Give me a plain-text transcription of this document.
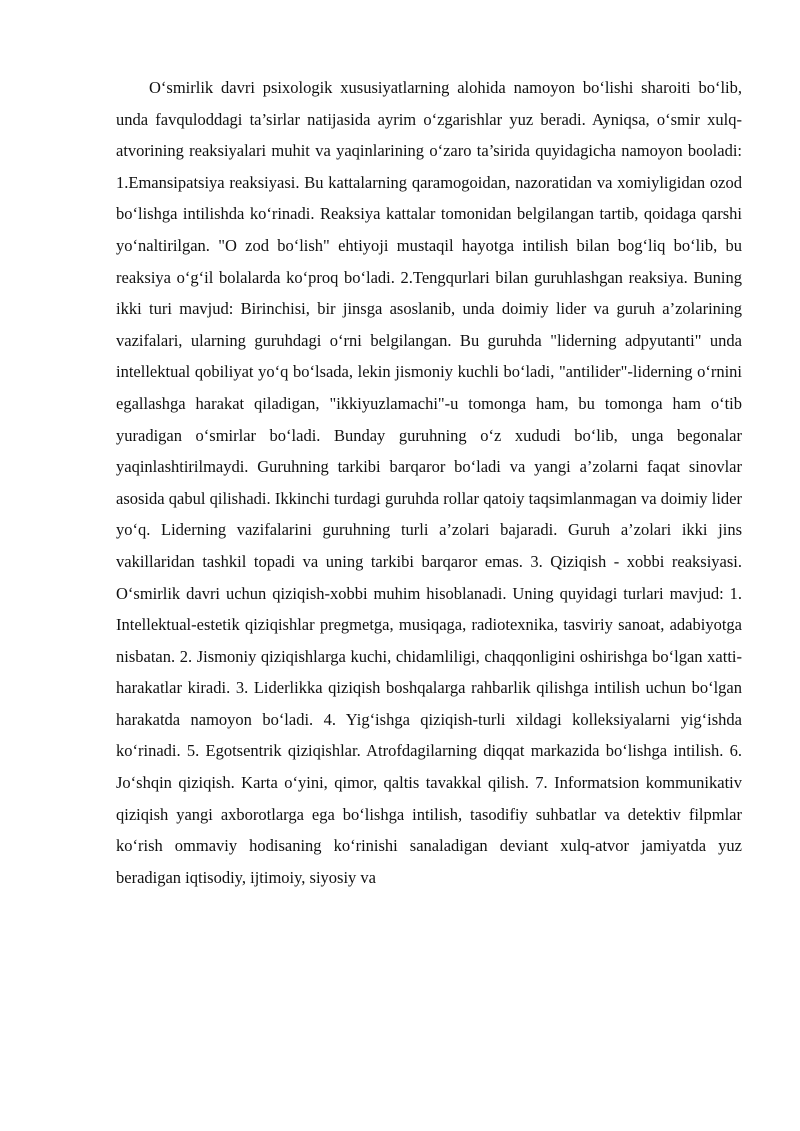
O‘smirlik davri psixologik xususiyatlarning alohida namoyon bo‘lishi sharoiti bo‘lib, unda favquloddagi ta’sirlar natijasida ayrim o‘zgarishlar yuz beradi. Ayniqsa, o‘smir xulq-atvorining reaksiyalari muhit va yaqinlarining o‘zaro ta’sirida quyidagicha namoyon booladi: 1.Emansipatsiya reaksiyasi. Bu kattalarning qaramogoidan, nazoratidan va xomiyligidan ozod bo‘lishga intilishda ko‘rinadi. Reaksiya kattalar tomonidan belgilangan tartib, qoidaga qarshi yo‘naltirilgan. "O zod bo‘lish" ehtiyoji mustaqil hayotga intilish bilan bog‘liq bo‘lib, bu reaksiya o‘g‘il bolalarda ko‘proq bo‘ladi. 2.Tengqurlari bilan guruhlashgan reaksiya. Buning ikki turi mavjud: Birinchisi, bir jinsga asoslanib, unda doimiy lider va guruh a’zolarining vazifalari, ularning guruhdagi o‘rni belgilangan. Bu guruhda "liderning adpyutanti" unda intellektual qobiliyat yo‘q bo‘lsada, lekin jismoniy kuchli bo‘ladi, "antilider"-liderning o‘rnini egallashga harakat qiladigan, "ikkiyuzlamachi"-u tomonga ham, bu tomonga ham o‘tib yuradigan o‘smirlar bo‘ladi. Bunday guruhning o‘z xududi bo‘lib, unga begonalar yaqinlashtirilmaydi. Guruhning tarkibi barqaror bo‘ladi va yangi a’zolarni faqat sinovlar asosida qabul qilishadi. Ikkinchi turdagi guruhda rollar qatoiy taqsimlanmagan va doimiy lider yo‘q. Liderning vazifalarini guruhning turli a’zolari bajaradi. Guruh a’zolari ikki jins vakillaridan tashkil topadi va uning tarkibi barqaror emas. 3. Qiziqish - xobbi reaksiyasi. O‘smirlik davri uchun qiziqish-xobbi muhim hisoblanadi. Uning quyidagi turlari mavjud: 1. Intellektual-estetik qiziqishlar pregmetga, musiqaga, radiotexnika, tasviriy sanoat, adabiyotga nisbatan. 2. Jismoniy qiziqishlarga kuchi, chidamliligi, chaqqonligini oshirishga bo‘lgan xatti-harakatlar kiradi. 3. Liderlikka qiziqish boshqalarga rahbarlik qilishga intilish uchun bo‘lgan harakatda namoyon bo‘ladi. 4. Yig‘ishga qiziqish-turli xildagi kolleksiyalarni yig‘ishda ko‘rinadi. 5. Egotsentrik qiziqishlar. Atrofdagilarning diqqat markazida bo‘lishga intilish. 6. Jo‘shqin qiziqish. Karta o‘yini, qimor, qaltis tavakkal qilish. 7. Informatsion kommunikativ qiziqish yangi axborotlarga ega bo‘lishga intilish, tasodifiy suhbatlar va detektiv filpmlar ko‘rish ommaviy hodisaning ko‘rinishi sanaladigan deviant xulq-atvor jamiyatda yuz beradigan iqtisodiy, ijtimoiy, siyosiy va
